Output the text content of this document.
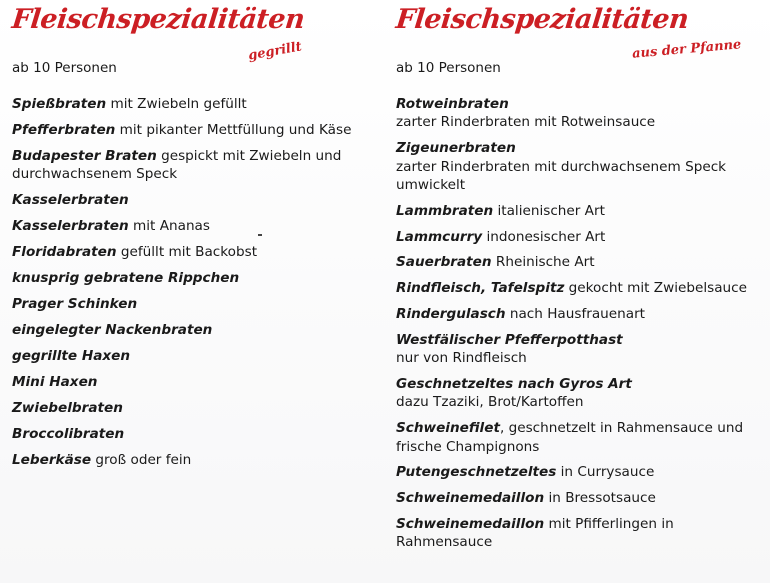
Fleischspezialitäten
gegrillt
ab 10 Personen
Spießbraten mit Zwiebeln gefüllt
Pfefferbraten mit pikanter Mettfüllung und Käse
Budapester Braten gespickt mit Zwiebeln und durchwachsenem Speck
Kasselerbraten
Kasselerbraten mit Ananas
Floridabraten gefüllt mit Backobst
knusprig gebratene Rippchen
Prager Schinken
eingelegter Nackenbraten
gegrillte Haxen
Mini Haxen
Zwiebelbraten
Broccolibraten
Leberkäse groß oder fein
Fleischspezialitäten
aus der Pfanne
ab 10 Personen
Rotweinbraten
zarter Rinderbraten mit Rotweinsauce
Zigeunerbraten
zarter Rinderbraten mit durchwachsenem Speck umwickelt
Lammbraten italienischer Art
Lammcurry indonesischer Art
Sauerbraten Rheinische Art
Rindfleisch, Tafelspitz gekocht mit Zwiebelsauce
Rindergulasch nach Hausfrauenart
Westfälischer Pfefferpotthast
nur von Rindfleisch
Geschnetzeltes nach Gyros Art
dazu Tzaziki, Brot/Kartoffen
Schweinefilet, geschnetzelt in Rahmensauce und frische Champignons
Putengeschnetzeltes in Currysauce
Schweinemedaillon in Bressotsauce
Schweinemedaillon mit Pfifferlingen in Rahmensauce
